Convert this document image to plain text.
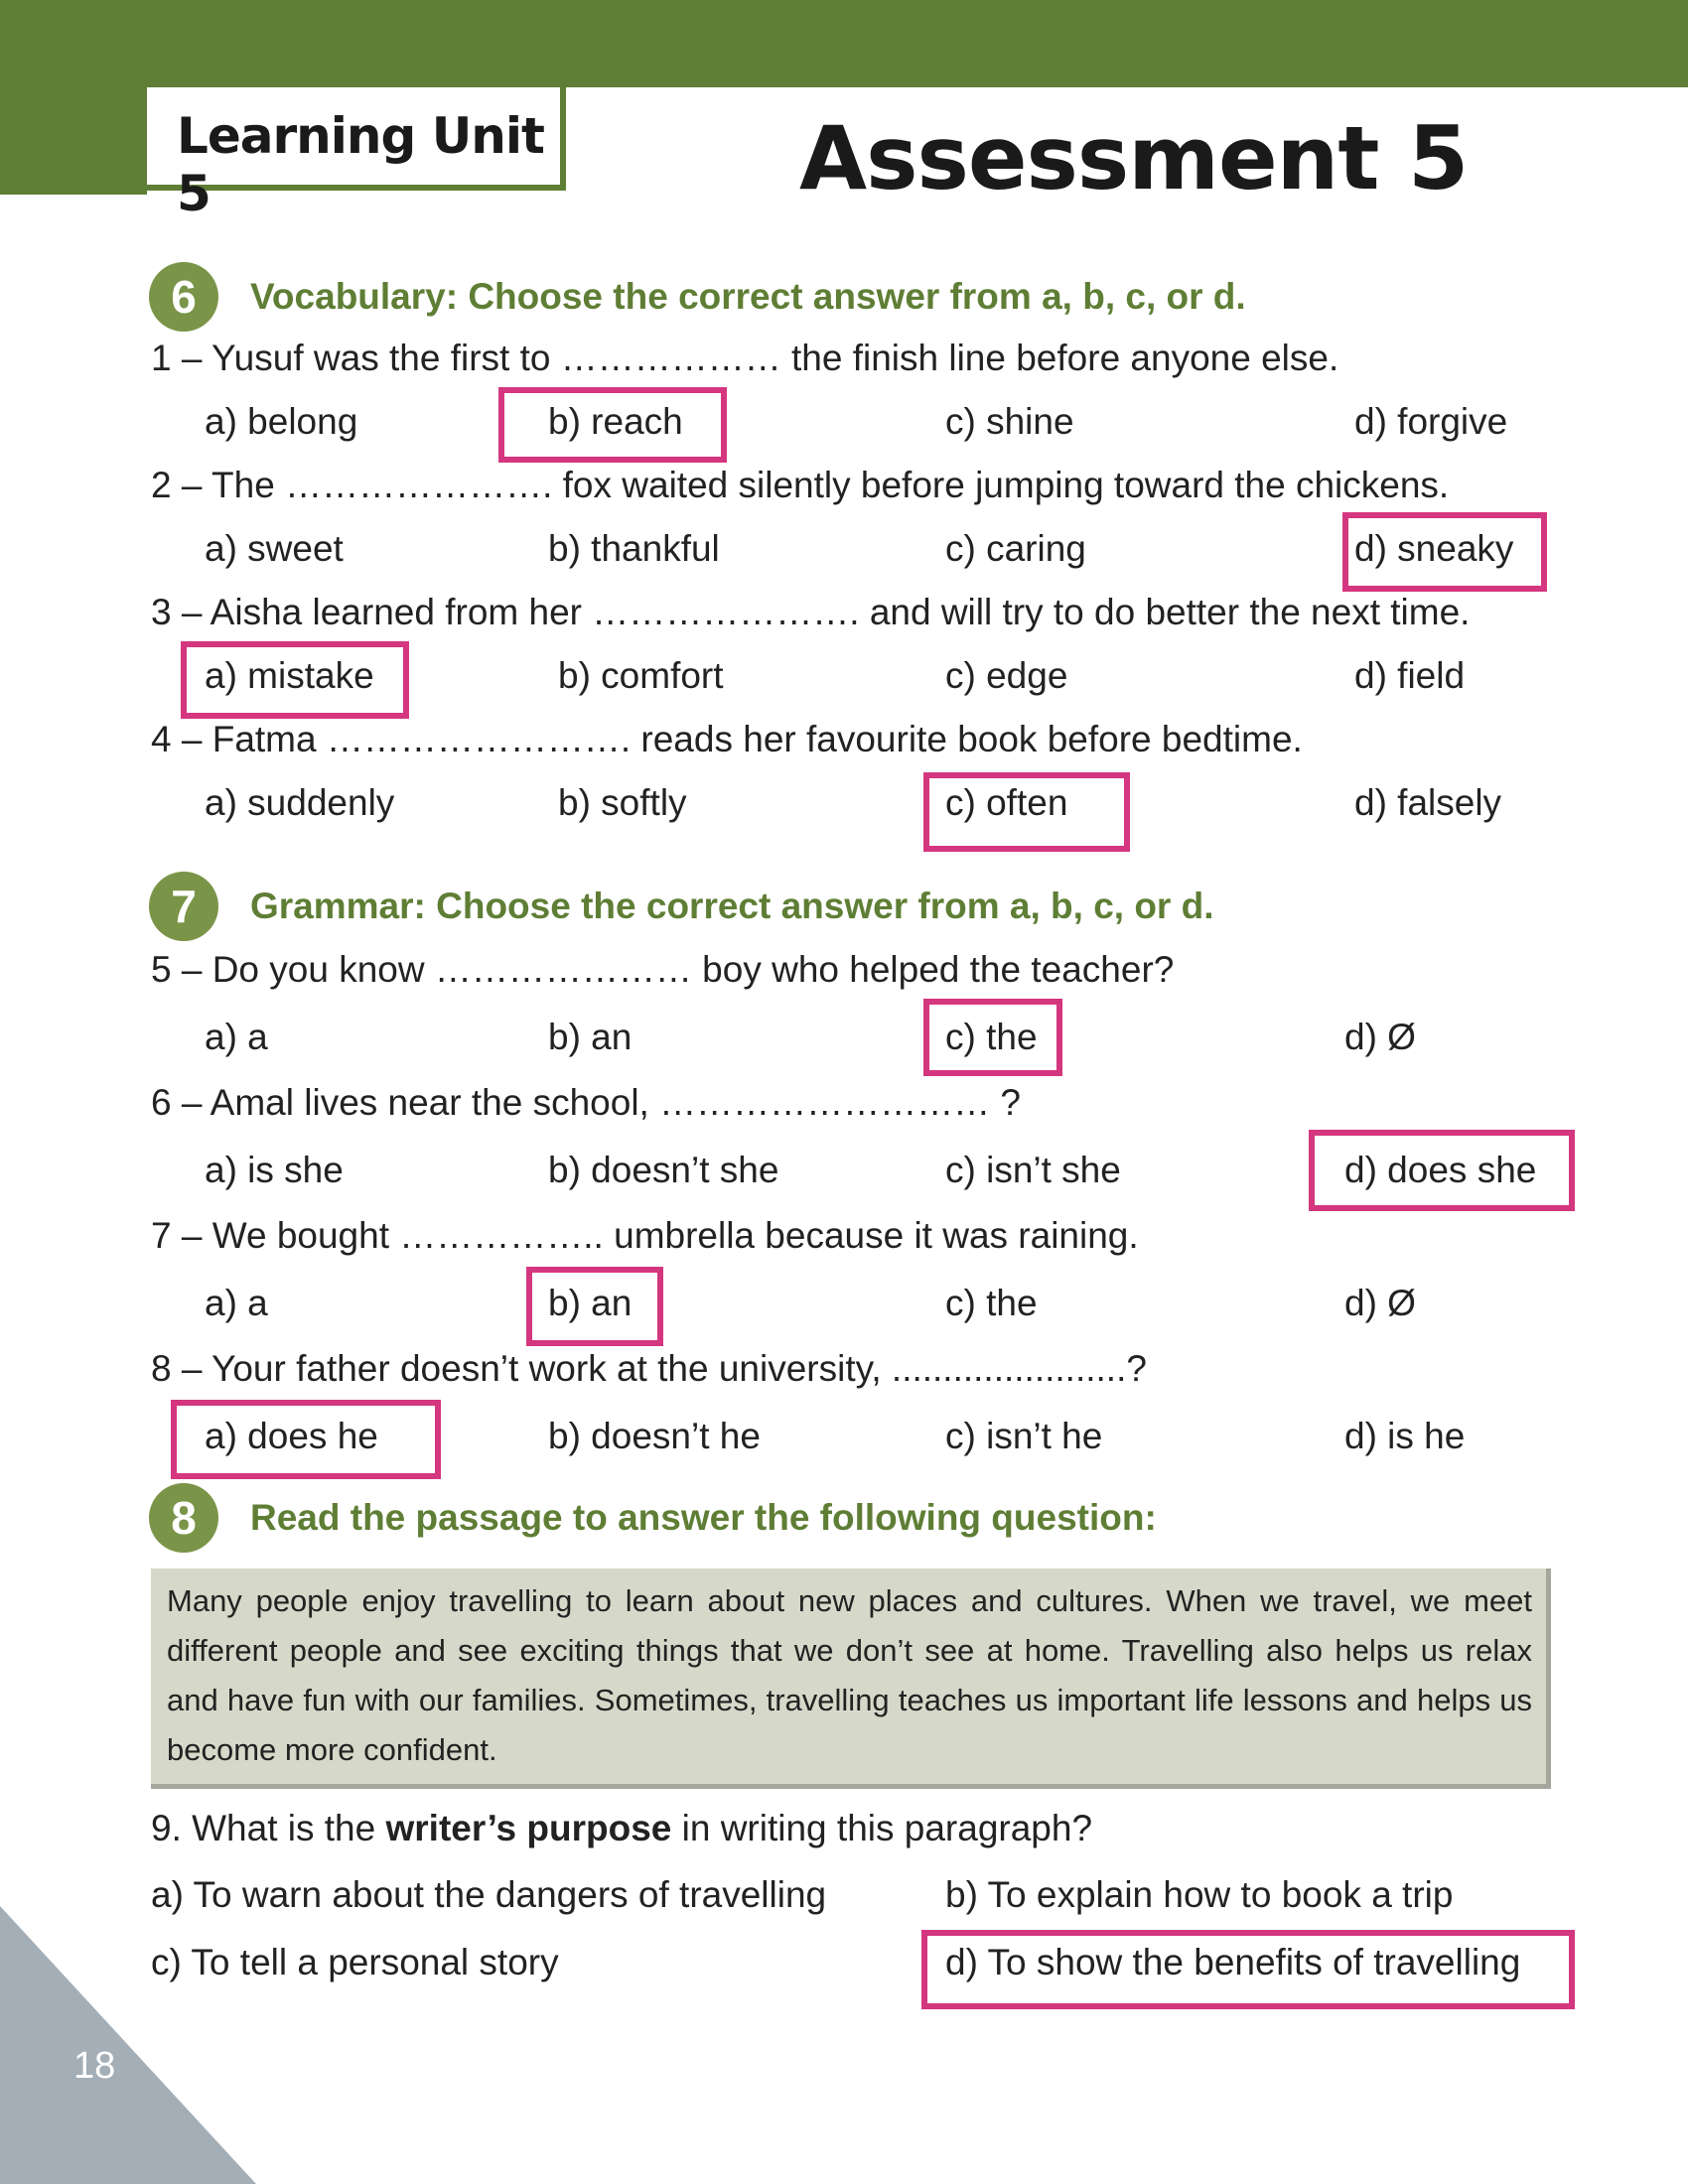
Learning Unit 5	Assessment 5
6	Vocabulary: Choose the correct answer from a, b, c, or d.
1 – Yusuf was the first to ……………… the finish line before anyone else.
a) belong	b) reach	c) shine	d) forgive
2 – The …………………. fox waited silently before jumping toward the chickens.
a) sweet	b) thankful	c) caring	d) sneaky
3 – Aisha learned from her …………………. and will try to do better the next time.
a) mistake	b) comfort	c) edge	d) field
4 – Fatma ……………………. reads her favourite book before bedtime.
a) suddenly	b) softly	c) often	d) falsely
7	Grammar: Choose the correct answer from a, b, c, or d.
5 – Do you know ………………… boy who helped the teacher?
a) a	b) an	c) the	d) Ø
6 – Amal lives near the school, ……………………… ?
a) is she	b) doesn’t she	c) isn’t she	d) does she
7 – We bought …………….. umbrella because it was raining.
a) a	b) an	c) the	d) Ø
8 – Your father doesn’t work at the university, .......................?
a) does he	b) doesn’t he	c) isn’t he	d) is he
8	Read the passage to answer the following question:
Many people enjoy travelling to learn about new places and cultures. When we travel, we meet different people and see exciting things that we don’t see at home. Travelling also helps us relax and have fun with our families. Sometimes, travelling teaches us important life lessons and helps us become more confident.
9. What is the writer’s purpose in writing this paragraph?
a) To warn about the dangers of travelling	b) To explain how to book a trip
c) To tell a personal story	d) To show the benefits of travelling
18
